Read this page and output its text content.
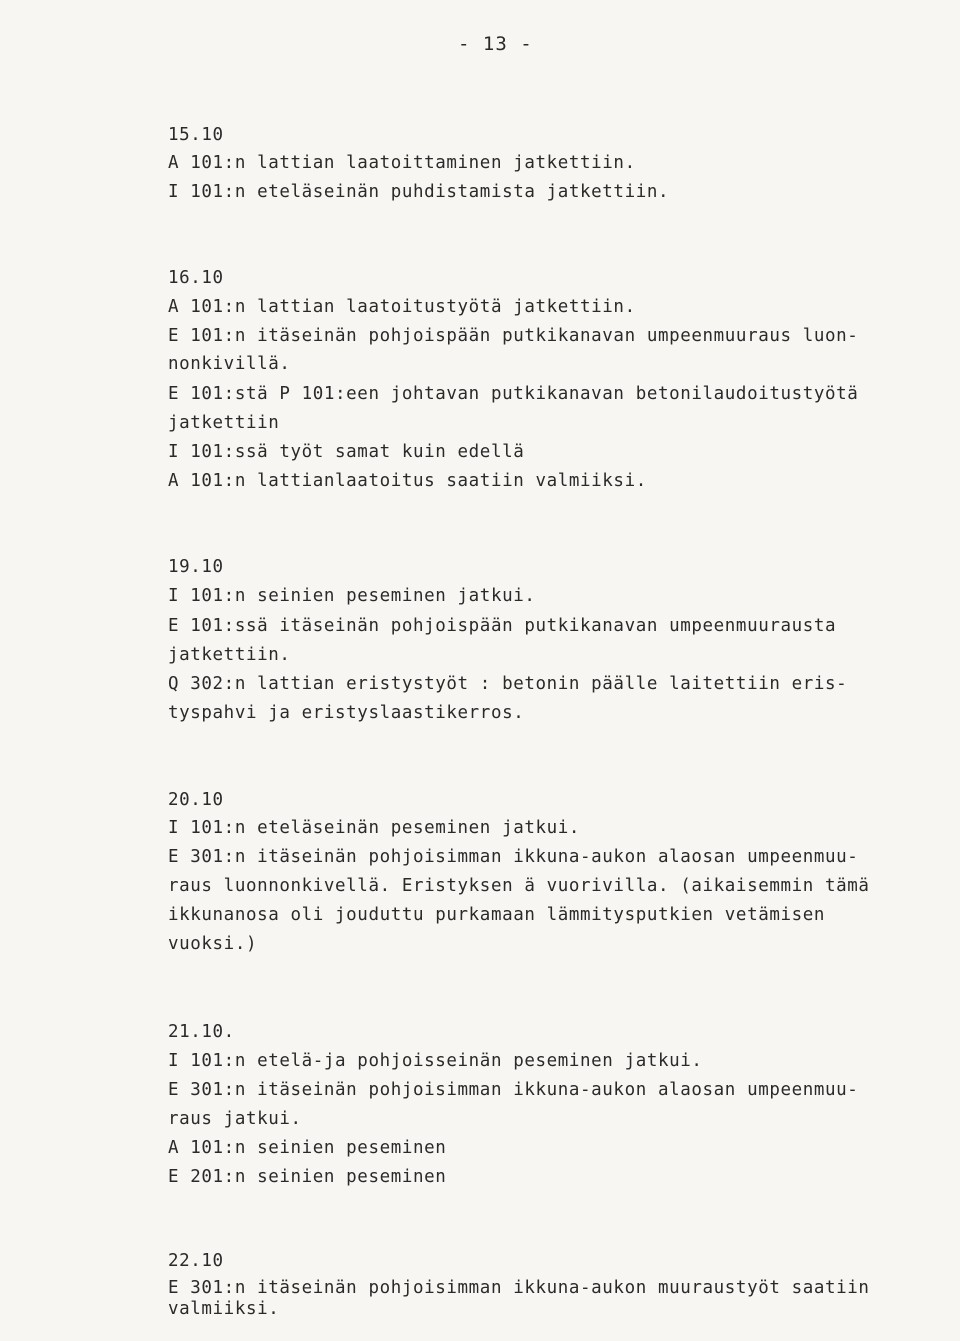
- 13 -
15.10
A 101:n lattian laatoittaminen jatkettiin.
I 101:n eteläseinän puhdistamista jatkettiin.
16.10
A 101:n lattian laatoitustyötä jatkettiin.
E 101:n itäseinän pohjoispään putkikanavan umpeenmuuraus luon-
nonkivillä.
E 101:stä P 101:een johtavan putkikanavan betonilaudoitustyötä
jatkettiin
I 101:ssä työt samat kuin edellä
A 101:n lattianlaatoitus saatiin valmiiksi.
19.10
I 101:n seinien peseminen jatkui.
E 101:ssä itäseinän pohjoispään putkikanavan umpeenmuurausta
jatkettiin.
Q 302:n lattian eristystyöt : betonin päälle laitettiin eris-
tyspahvi ja eristyslaastikerros.
20.10
I 101:n eteläseinän peseminen jatkui.
E 301:n itäseinän pohjoisimman ikkuna-aukon alaosan umpeenmuu-
raus luonnonkivellä. Eristyksen ä vuorivilla. (aikaisemmin tämä
ikkunanosa oli jouduttu purkamaan lämmitysputkien vetämisen
vuoksi.)
21.10.
I 101:n etelä-ja pohjoisseinän peseminen jatkui.
E 301:n itäseinän pohjoisimman ikkuna-aukon alaosan umpeenmuu-
raus jatkui.
A 101:n seinien peseminen
E 201:n seinien peseminen
22.10
E 301:n itäseinän pohjoisimman ikkuna-aukon muuraustyöt saatiin
valmiiksi.
